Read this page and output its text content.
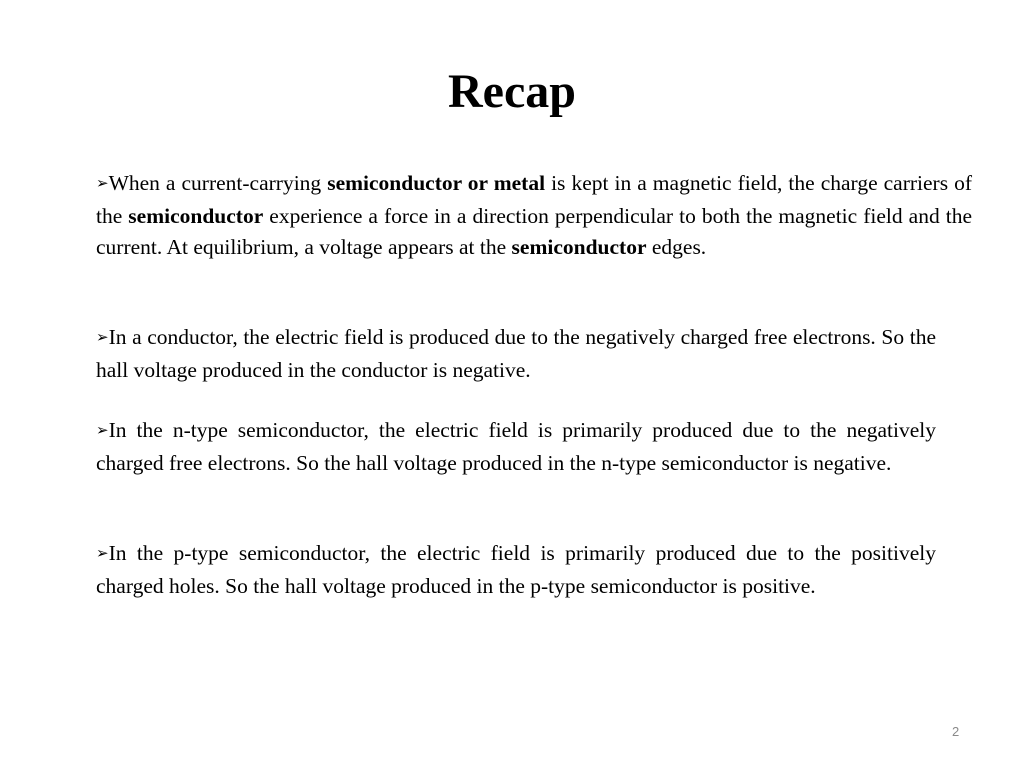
Recap

➢When a current-carrying semiconductor or metal is kept in a magnetic field, the charge carriers of the semiconductor experience a force in a direction perpendicular to both the magnetic field and the current. At equilibrium, a voltage appears at the semiconductor edges.

➢In a conductor, the electric field is produced due to the negatively charged free electrons. So the hall voltage produced in the conductor is negative.

➢In the n-type semiconductor, the electric field is primarily produced due to the negatively charged free electrons. So the hall voltage produced in the n-type semiconductor is negative.

➢In the p-type semiconductor, the electric field is primarily produced due to the positively charged holes. So the hall voltage produced in the p-type semiconductor is positive.

2
